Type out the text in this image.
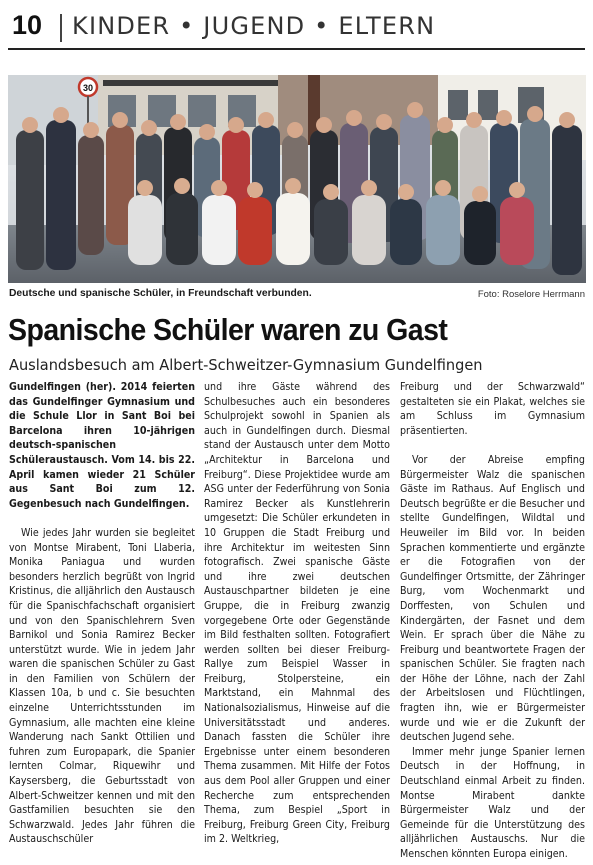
10 KINDER • JUGEND • ELTERN
30
Deutsche und spanische Schüler, in Freundschaft verbunden.	Foto: Roselore Herrmann
Spanische Schüler waren zu Gast
Auslandsbesuch am Albert-Schweitzer-Gymnasium Gundelfingen

Gundelfingen (her). 2014 feierten das Gundelfinger Gymnasium und die Schule Llor in Sant Boi bei Barcelona ihren 10-jährigen deutsch-spanischen Schüleraustausch. Vom 14. bis 22. April kamen wieder 21 Schüler aus Sant Boi zum 12. Gegenbesuch nach Gundelfingen.

Wie jedes Jahr wurden sie begleitet von Montse Mirabent, Toni Llaberia, Monika Paniagua und wurden besonders herzlich begrüßt von Ingrid Kristinus, die alljährlich den Austausch für die Spanischfachschaft organisiert und von den Spanischlehrern Sven Barnikol und Sonia Ramirez Becker unterstützt wurde. Wie in jedem Jahr waren die spanischen Schüler zu Gast in den Familien von Schülern der Klassen 10a, b und c. Sie besuchten einzelne Unterrichtsstunden im Gymnasium, alle machten eine kleine Wanderung nach Sankt Ottilien und fuhren zum Europapark, die Spanier lernten Colmar, Riquewihr und Kaysersberg, die Geburtsstadt von Albert-Schweitzer kennen und mit den Gastfamilien besuchten sie den Schwarzwald. Jedes Jahr führen die Austauschschüler

und ihre Gäste während des Schulbesuches auch ein besonderes Schulprojekt sowohl in Spanien als auch in Gundelfingen durch. Diesmal stand der Austausch unter dem Motto „Architektur in Barcelona und Freiburg“. Diese Projektidee wurde am ASG unter der Federführung von Sonia Ramirez Becker als Kunstlehrerin umgesetzt: Die Schüler erkundeten in 10 Gruppen die Stadt Freiburg und ihre Architektur im weitesten Sinn fotografisch. Zwei spanische Gäste und ihre zwei deutschen Austauschpartner bildeten je eine Gruppe, die in Freiburg zwanzig vorgegebene Orte oder Gegenstände im Bild festhalten sollten. Fotografiert werden sollten bei dieser Freiburg-Rallye zum Beispiel Wasser in Freiburg, Stolpersteine, ein Marktstand, ein Mahnmal des Nationalsozialismus, Hinweise auf die Universitätsstadt und anderes. Danach fassten die Schüler ihre Ergebnisse unter einem besonderen Thema zusammen. Mit Hilfe der Fotos aus dem Pool aller Gruppen und einer Recherche zum entsprechenden Thema, zum Bespiel „Sport in Freiburg, Freiburg Green City, Freiburg im 2. Weltkrieg,

Freiburg und der Schwarzwald“ gestalteten sie ein Plakat, welches sie am Schluss im Gymnasium präsentierten.

Vor der Abreise empfing Bürgermeister Walz die spanischen Gäste im Rathaus. Auf Englisch und Deutsch begrüßte er die Besucher und stellte Gundelfingen, Wildtal und Heuweiler im Bild vor. In beiden Sprachen kommentierte und ergänzte er die Fotografien von der Gundelfinger Ortsmitte, der Zähringer Burg, vom Wochenmarkt und Dorffesten, von Schulen und Kindergärten, der Fasnet und dem Wein. Er sprach über die Nähe zu Freiburg und beantwortete Fragen der spanischen Schüler. Sie fragten nach der Höhe der Löhne, nach der Zahl der Arbeitslosen und Flüchtlingen, fragten ihn, wie er Bürgermeister wurde und wie er die Zukunft der deutschen Jugend sehe.

Immer mehr junge Spanier lernen Deutsch in der Hoffnung, in Deutschland einmal Arbeit zu finden. Montse Mirabent dankte Bürgermeister Walz und der Gemeinde für die Unterstützung des alljährlichen Austauschs. Nur die Menschen könnten Europa einigen.
